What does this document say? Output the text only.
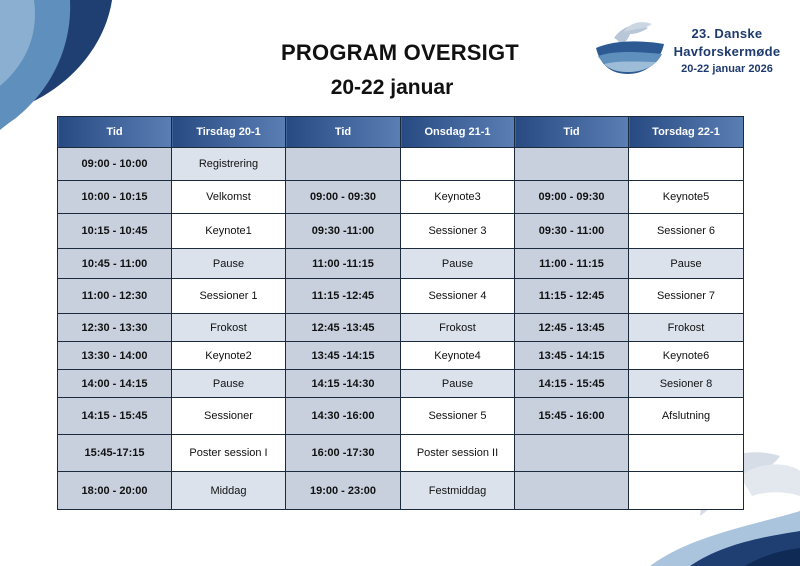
PROGRAM OVERSIGT
20-22 januar
23. Danske
Havforskermøde
20-22 januar 2026
Tid	Tirsdag 20-1	Tid	Onsdag 21-1	Tid	Torsdag 22-1
09:00 - 10:00	Registrering				
10:00 - 10:15	Velkomst	09:00 - 09:30	Keynote3	09:00 - 09:30	Keynote5
10:15 - 10:45	Keynote1	09:30 -11:00	Sessioner 3	09:30 - 11:00	Sessioner 6
10:45 - 11:00	Pause	11:00 -11:15	Pause	11:00 - 11:15	Pause
11:00 - 12:30	Sessioner 1	11:15 -12:45	Sessioner 4	11:15 - 12:45	Sessioner 7
12:30 - 13:30	Frokost	12:45 -13:45	Frokost	12:45 - 13:45	Frokost
13:30 - 14:00	Keynote2	13:45 -14:15	Keynote4	13:45 - 14:15	Keynote6
14:00 - 14:15	Pause	14:15 -14:30	Pause	14:15 - 15:45	Sesioner 8
14:15 - 15:45	Sessioner	14:30 -16:00	Sessioner 5	15:45 - 16:00	Afslutning
15:45-17:15	Poster session I	16:00 -17:30	Poster session II		
18:00 - 20:00	Middag	19:00 - 23:00	Festmiddag		
